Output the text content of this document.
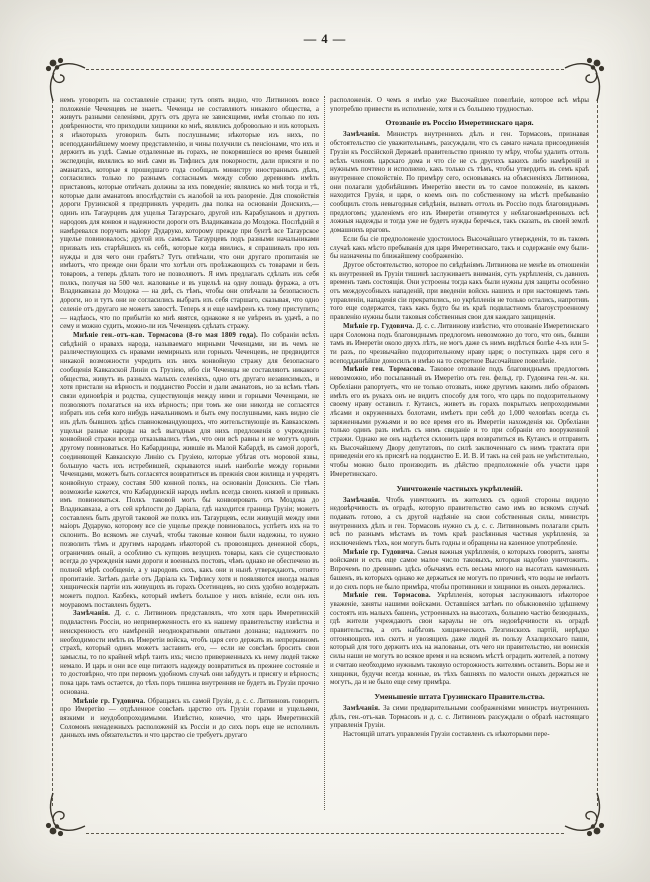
— 4 —

немъ уговорить на составленіе стражи; тутъ опять видно, что Литвиновъ вовсе положеніе Чеченцевъ не знаетъ. Чеченцы не составляютъ никакого общества, а живутъ разными селеніями, другъ отъ друга не зависящими, имѣя столько по ихъ довѣренности, что приходили хищники ко мнѣ, являлись добровольно и изъ которыхъ я нѣкоторыхъ уговорилъ быть послушными; нѣкоторые изъ нихъ, по всеподданнѣйшему моему представленію, и чины получили съ пенсіонами, что ихъ и держитъ въ уздѣ. Самые отдаленные въ горахъ, не покорявшіеся во время бывшей экспедиціи, являлись ко мнѣ сами въ Тифлисъ для покорности, дали присяги и по аманатахъ, которые я прошедшаго года сообщалъ министру иностранныхъ дѣлъ, согласились только по разнымъ согласнымъ между собою деревнямъ имѣть приставовъ, которые отвѣчать должны за ихъ поведеніе; являлись ко мнѣ тогда и тѣ, которые дали аманатовъ впослѣдствіи съ жалобой за ихъ разореніе. Для спокойствія дороги Грузинской я предпринялъ учредить два полка на основаніи Донскихъ,— одинъ изъ Тагаурцевъ для ущелья Тагаурскаго, другой изъ Карабулаковъ и другихъ народовъ для конвоя и надежности дороги отъ Владикавказа до Моздока. Послѣдній я намѣревался поручить маіору Дударуко, которому прежде при бунтѣ все Тагаурское ущелье повиновалось; другой изъ самыхъ Тагаурцевъ подъ разными начальниками призвалъ ихъ старѣйшихъ къ себѣ, которые когда явились, я спрашивалъ про ихъ нужды и для чего они грабятъ? Тутъ отвѣчали, что они другаго пропитанія не имѣютъ, что прежде они брали что хотѣли отъ проѣзжающихъ съ товарами и безъ товаровъ, а теперь дѣлать того не позволяютъ. Я имъ предлагалъ сдѣлать изъ себя полкъ, получая на 500 чел. жалованье и въ ущельѣ на одну лошадь фуража, а отъ Владикавказа до Моздока — на двѣ, съ тѣмъ, чтобы они отвѣчали за безопасность дороги, но и тутъ они не согласились выбрать изъ себя старшаго, сказывая, что одно селеніе отъ другаго не можетъ завостѣ. Теперь я и еще намѣренъ къ тому приступить; — надѣюсь, что по прибытіи ко мнѣ явятся, однакоже я не увѣренъ въ удачѣ, а по сему и можно судить, можно-ли изъ Чеченцевъ сдѣлать стражу.

Мнѣніе ген.-отъ-кав. Тормасова (8-го мая 1809 года). По собраніи всѣхъ свѣдѣній о нравахъ народа, называемаго мирными Чеченцами, ни въ чемъ не различествующихъ съ нравами немирныхъ или горныхъ Чеченцевъ, не предвидится никакой возможности учредить изъ нихъ конвойную стражу для безопаснаго сообщенія Кавказской Линіи съ Грузіею, ибо сіи Чеченцы не составляютъ никакого общества, живутъ въ разныхъ малыхъ селеніяхъ, одно отъ другаго независимыхъ, и хотя пристали на вѣрность и подданство Россіи и дали аманатовъ, но за всѣмъ тѣмъ связи единовѣрія и родства, существующія между ними и горными Чеченцами, не позволяютъ полагаться на ихъ вѣрность; при томъ же они никогда не согласятся избрать изъ себя кого нибудь начальникомъ и быть ему послушными, какъ видно сіе изъ дѣлъ бывшихъ здѣсь главнокомандующихъ, что жительствующіе въ Кавказскомъ ущельи разные народы на всѣ выгодныя для нихъ предложенія о учрежденіи конвойной стражи всегда отказывались тѣмъ, что они всѣ равны и не могутъ одинъ другому повиноваться. Но Кабардинцы, жившіе въ Малой Кабардѣ, въ самой дорогѣ, соединяющей Кавказскую Линію съ Грузіею, которые убѣгая отъ моровой язвы, большую часть ихъ истребившей, скрываются нынѣ наиболѣе между горными Чеченцами, можетъ быть согласятся возвратиться въ прежнія свои жилища и учредятъ конвойную стражу, составя 500 конной полкъ, на основаніи Донскихъ. Сіе тѣмъ возможнѣе кажется, что Кабардинскій народъ имѣлъ всегда своихъ князей и привыкъ имъ повиноваться. Полкъ таковой могъ бы конвоировать отъ Моздока до Владикавказа, а отъ сей крѣпости до Даріала, гдѣ находится граница Грузіи; можетъ составленъ быть другой таковой же полкъ изъ Тагаурцевъ, если живущій между ими маіоръ Дударуко, которому все сіе ущелье прежде повиновалось, успѣетъ ихъ на то склонить. Во всякомъ же случаѣ, чтобы таковые конвои были надежны, то нужно позволить тѣмъ и другимъ народамъ нѣкоторой съ провозящихъ денежной сборъ, ограничивъ оный, а особливо съ купцовъ везущихъ товары, какъ сіе существовало всегда до учрежденія нами дороги и военныхъ постовъ, чѣмъ однако не обеспечено въ полной мѣрѣ сообщеніе, а у народовъ сихъ, какъ они и нынѣ утверждаютъ, отнято пропитаніе. Затѣмъ далѣе отъ Даріала къ Тифлису хотя и появляются иногда малыя хищническія партіи изъ живущихъ въ горахъ Осетинцевъ, но сихъ удобно воздержать можетъ подпол. Казбекъ, который имѣетъ большое у нихъ вліяніе, если онъ ихъ моуравомъ поставленъ будетъ.

Замѣчанія. Д. с. с. Литвиновъ представлялъ, что хотя царь Имеретинскій подвластенъ Россіи, но неприверженность его къ нашему правительству извѣстна и неискренность его намѣреній неоднократными опытами дознана; надлежитъ по необходимости имѣть въ Имеретіи войска, чтобъ царя сего держать въ непрерывномъ страхѣ, который одинъ можетъ заставить его, — если не совсѣмъ бросить свои замыслы, то по крайней мѣрѣ таить ихъ; число приверженныхъ къ нему людей также немало. И царь и они все еще питаютъ надежду возвратиться въ прежнее состояніе и то достовѣрно, что при первомъ удобномъ случаѣ они забудутъ и присягу и вѣрность; пока царь тамъ остается, до тѣхъ поръ тишина внутренняя не будетъ въ Грузіи прочно основана.

Мнѣніе гр. Гудовича. Обращаясь къ самой Грузіи, д. с. с. Литвиновъ говоритъ про Имеретію — отдѣленное совсѣмъ царство отъ Грузіи горами и ущельями, вязкими и неудобопроходимыми. Извѣстно, конечно, что царь Имеретинскій Соломонъ ненадежныхъ расположеній къ Россіи и до сихъ поръ еще не исполнилъ данныхъ имъ обязательствъ и что царство сіе требуетъ другаго

расположенія. О чемъ я имѣю уже Высочайшее повелѣніе, которое всѣ мѣры употреблю привести въ исполненіе, хотя и съ большею трудностью.

Отозваніе въ Россію Имеретинскаго царя.

Замѣчанія. Министръ внутреннихъ дѣлъ и ген. Тормасовъ, признавая обстоятельство сіе уважительнымъ, разсуждали, что съ самаго начала присоединенія Грузіи къ Россійской Державѣ правительство приняло ту мѣру, чтобы удалить оттоль всѣхъ членовъ царскаго дома и что сіе не съ другихъ какихъ либо намѣреній и нужнымъ почтено и исполнено, какъ только съ тѣмъ, чтобы утвердить въ семъ краѣ внутреннее спокойствіе. По примѣру сего, основываясь на объясненіяхъ Литвинова, они полагали удобнѣйшимъ Имеретію ввести въ то самое положеніе, въ какомъ находится Грузія, и царя, о коемъ онъ по собственному на мѣстѣ пребыванію сообщилъ столь невыгодныя свѣдѣнія, вызвать оттоль въ Россію подъ благовиднымъ предлогомъ; удаленіемъ его изъ Имеретіи отнимутся у неблагонамѣренныхъ всѣ ложныя надежды и тогда уже не будетъ нужды беречься, такъ сказать, въ своей землѣ домашнихъ враговъ.

Если бы сіе предположеніе удостоилось Высочайшаго утвержденія, то въ такомъ случаѣ какъ мѣсто пребыванія для царя Имеретинскаго, такъ и содержаніе ему были-бы назначены по ближайшему соображенію.

Другое обстоятельство, которое по свѣдѣніямъ Литвинова не менѣе въ отношеніи къ внутренней въ Грузіи тишинѣ заслуживаетъ вниманія, суть укрѣпленія, съ давнихъ временъ тамъ состоящія. Они устроены тогда какъ были нужны для защиты особенно отъ междоусобныхъ нападеній, при введеніи войскъ нашихъ и при настоящемъ тамъ управленіи, нападенія сіи прекратились, но укрѣпленія не только остались, напротивъ того еще содержатся, такъ какъ будто бы въ краѣ подвластномъ благоустроенному правленію нужны были таковыя собственныя свои для каждаго защищенія.

Мнѣніе гр. Гудовича. Д. с. с. Литвинову извѣстно, что отозваніе Имеретинскаго царя Соломона подъ благовиднымъ предлогомъ невозможно до того, что онъ, бывши тамъ въ Имеретіи около двухъ лѣтъ, не могъ даже съ нимъ видѣться болѣе 4-хъ или 5-ти разъ, по чрезвычайно подозрительному нраву царя; о поступкахъ царя сего я всеподданнѣйше доносилъ и имѣю на то секретное Высочайшее повелѣніе.

Мнѣніе ген. Тормасова. Таковое отозваніе подъ благовиднымъ предлогомъ невозможно, ибо посыланный въ Имеретію отъ ген. фельд. гр. Гудовича ген.-м. кн. Орбеліани рапортуетъ, что не только отозвать, ниже другимъ какимъ либо образомъ имѣть его въ рукахъ онъ не видитъ способу для того, что царь по подозрительному своему нраву оставилъ г. Кутаисъ, живетъ въ горахъ покрытыхъ непроходимыми лѣсами и окруженныхъ болотами, имѣетъ при себѣ до 1,000 человѣкъ всегда съ заряженными ружьями и во все время его въ Имеретіи нахожденія кн. Орбеліани только одинъ разъ имѣлъ съ нимъ свиданіе и то при собраніи его вооруженной стражи. Однако же онъ надѣется склонить царя возвратиться въ Кутаисъ и отправить къ Высочайшему Двору депутатовъ, по силѣ заключеннаго съ нимъ трактата при приведеніи его къ присягѣ на подданство Е. И. В. И такъ на сей разъ не умѣстительно, чтобы можно было производить въ дѣйство предположеніе объ участи царя Имеретинскаго.

Уничтоженіе частныхъ укрѣпленій.

Замѣчанія. Чтобъ уничтожить въ жителяхъ съ одной стороны видную недовѣрчивость въ оградѣ, которую правительство само имъ во всякомъ случаѣ подавать готово, а съ другой надѣяніе на свои собственныя силы, министръ внутреннихъ дѣлъ и ген. Тормасовъ нужно съ д. с. с. Литвиновымъ полагали срыть всѣ по разнымъ мѣстамъ въ томъ краѣ разсѣянныя частныя укрѣпленія, за исключеніемъ тѣхъ, кои могутъ быть годны и обращены на казенное употребленіе.

Мнѣніе гр. Гудовича. Самыя важныя укрѣпленія, о которыхъ говоритъ, заняты войсками и есть еще самое малое число таковыхъ, которыя надобно уничтожить. Впрочемъ по древнимъ здѣсь обычаямъ есть весьма много на высотахъ каменныхъ башенъ, въ которыхъ однако же держаться не могутъ по причинѣ, что воды не имѣютъ и до сихъ поръ не было примѣра, чтобы противники и хищники въ оныхъ держались.

Мнѣніе ген. Тормасова. Укрѣпленія, которыя заслуживаютъ нѣкоторое уваженіе, заняты нашими войсками. Оставшіяся затѣмъ по обыкновенію здѣшнему состоятъ изъ малыхъ башенъ, устроенныхъ на высотахъ, большею частію безводныхъ, гдѣ жители учреждаютъ свои караулы не отъ недовѣрчивости къ оградѣ правительства, а отъ набѣговъ хищническихъ Лезгинскихъ партій, нерѣдко отгоняющихъ ихъ скотъ и увозящихъ даже людей въ пользу Ахалцихскаго паши, который для того держитъ ихъ на жалованьи, отъ чего ни правительство, ни воинскія силы наши не могутъ во всякое время и на всякомъ мѣстѣ оградить жителей, а потому и считаю необходимо нужнымъ таковую осторожность жителямъ оставить. Воры же и хищники, будучи всегда конные, въ тѣхъ башняхъ по малости оныхъ держаться не могутъ, да и не было еще сему примѣра.

Уменьшеніе штата Грузинскаго Правительства.

Замѣчанія. За сими предварительными соображеніями министръ внутреннихъ дѣлъ, ген.-отъ-кав. Тормасовъ и д. с. с. Литвиновъ разсуждали о образѣ настоящаго управленія Грузіи.

Настоящій штатъ управленія Грузіи составленъ съ нѣкоторыми пере-
